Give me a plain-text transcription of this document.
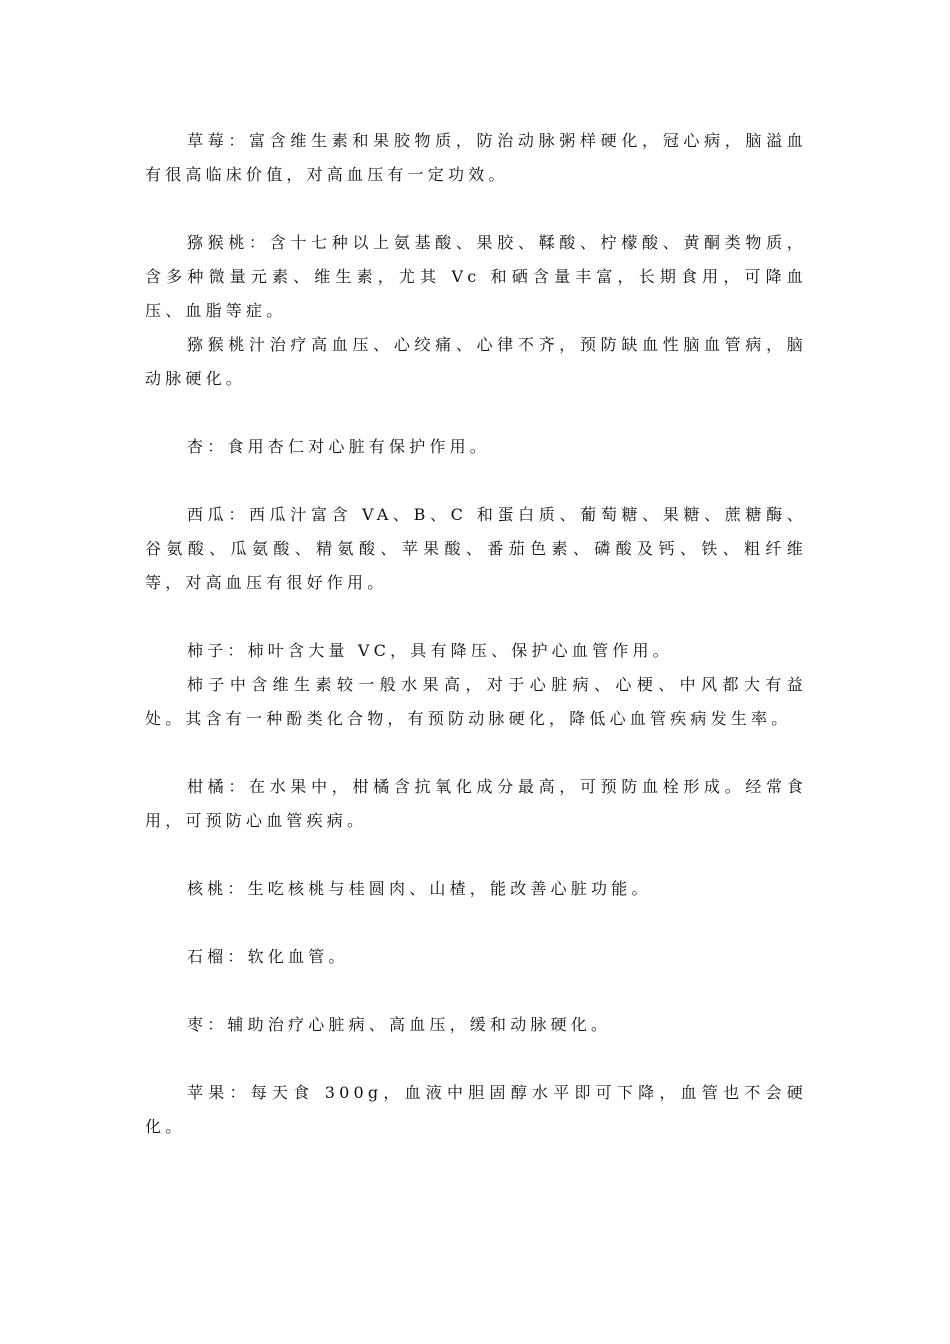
草莓：富含维生素和果胶物质，防治动脉粥样硬化，冠心病，脑溢血有很高临床价值，对高血压有一定功效。

猕猴桃：含十七种以上氨基酸、果胶、鞣酸、柠檬酸、黄酮类物质，含多种微量元素、维生素，尤其 Vc 和硒含量丰富，长期食用，可降血压、血脂等症。

猕猴桃汁治疗高血压、心绞痛、心律不齐，预防缺血性脑血管病，脑动脉硬化。

杏：食用杏仁对心脏有保护作用。

西瓜：西瓜汁富含 VA、B、C 和蛋白质、葡萄糖、果糖、蔗糖酶、谷氨酸、瓜氨酸、精氨酸、苹果酸、番茄色素、磷酸及钙、铁、粗纤维等，对高血压有很好作用。

柿子：柿叶含大量 VC，具有降压、保护心血管作用。

柿子中含维生素较一般水果高，对于心脏病、心梗、中风都大有益处。其含有一种酚类化合物，有预防动脉硬化，降低心血管疾病发生率。

柑橘：在水果中，柑橘含抗氧化成分最高，可预防血栓形成。经常食用，可预防心血管疾病。

核桃：生吃核桃与桂圆肉、山楂，能改善心脏功能。

石榴：软化血管。

枣：辅助治疗心脏病、高血压，缓和动脉硬化。

苹果：每天食 300g，血液中胆固醇水平即可下降，血管也不会硬化。
